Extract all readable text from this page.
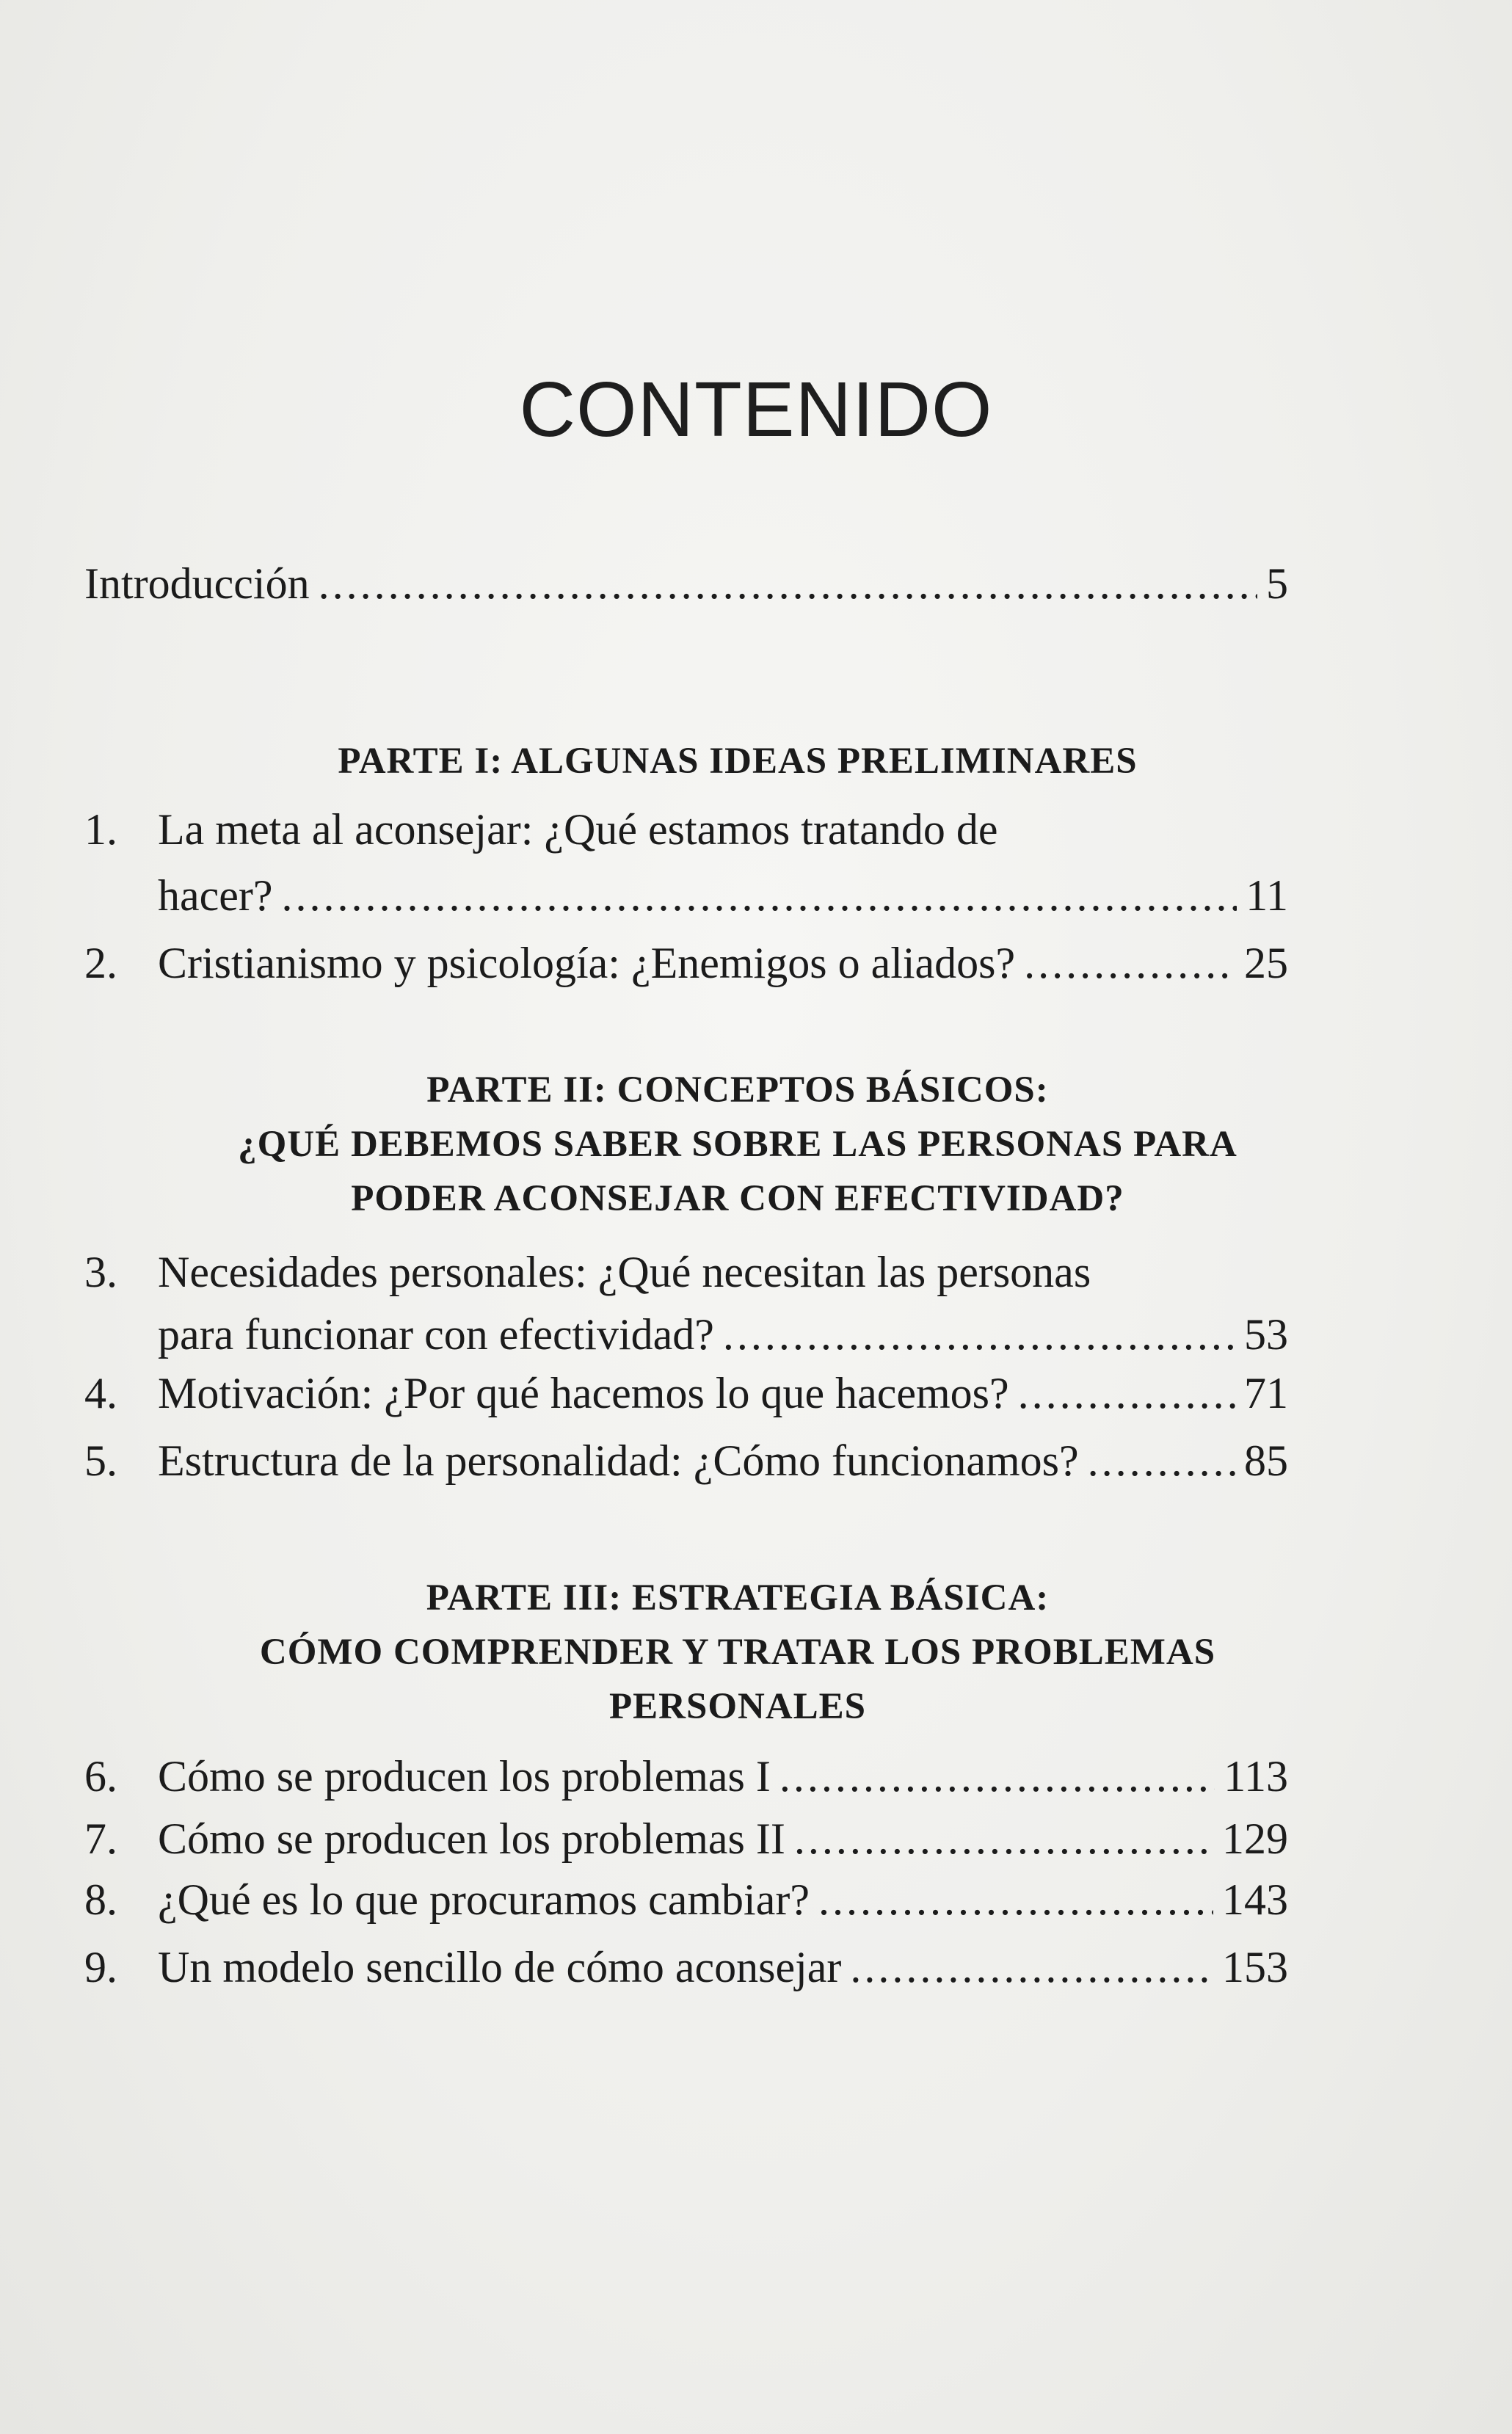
CONTENIDO
Introducción .....	5
PARTE I: ALGUNAS IDEAS PRELIMINARES
1. La meta al aconsejar: ¿Qué estamos tratando de
hacer? .....	11
2. Cristianismo y psicología: ¿Enemigos o aliados? .....	25
PARTE II: CONCEPTOS BÁSICOS:
¿QUÉ DEBEMOS SABER SOBRE LAS PERSONAS PARA
PODER ACONSEJAR CON EFECTIVIDAD?
3. Necesidades personales: ¿Qué necesitan las personas
para funcionar con efectividad? .....	53
4. Motivación: ¿Por qué hacemos lo que hacemos? .....	71
5. Estructura de la personalidad: ¿Cómo funcionamos? .....	85
PARTE III: ESTRATEGIA BÁSICA:
CÓMO COMPRENDER Y TRATAR LOS PROBLEMAS
PERSONALES
6. Cómo se producen los problemas I .....	113
7. Cómo se producen los problemas II .....	129
8. ¿Qué es lo que procuramos cambiar? .....	143
9. Un modelo sencillo de cómo aconsejar .....	153
